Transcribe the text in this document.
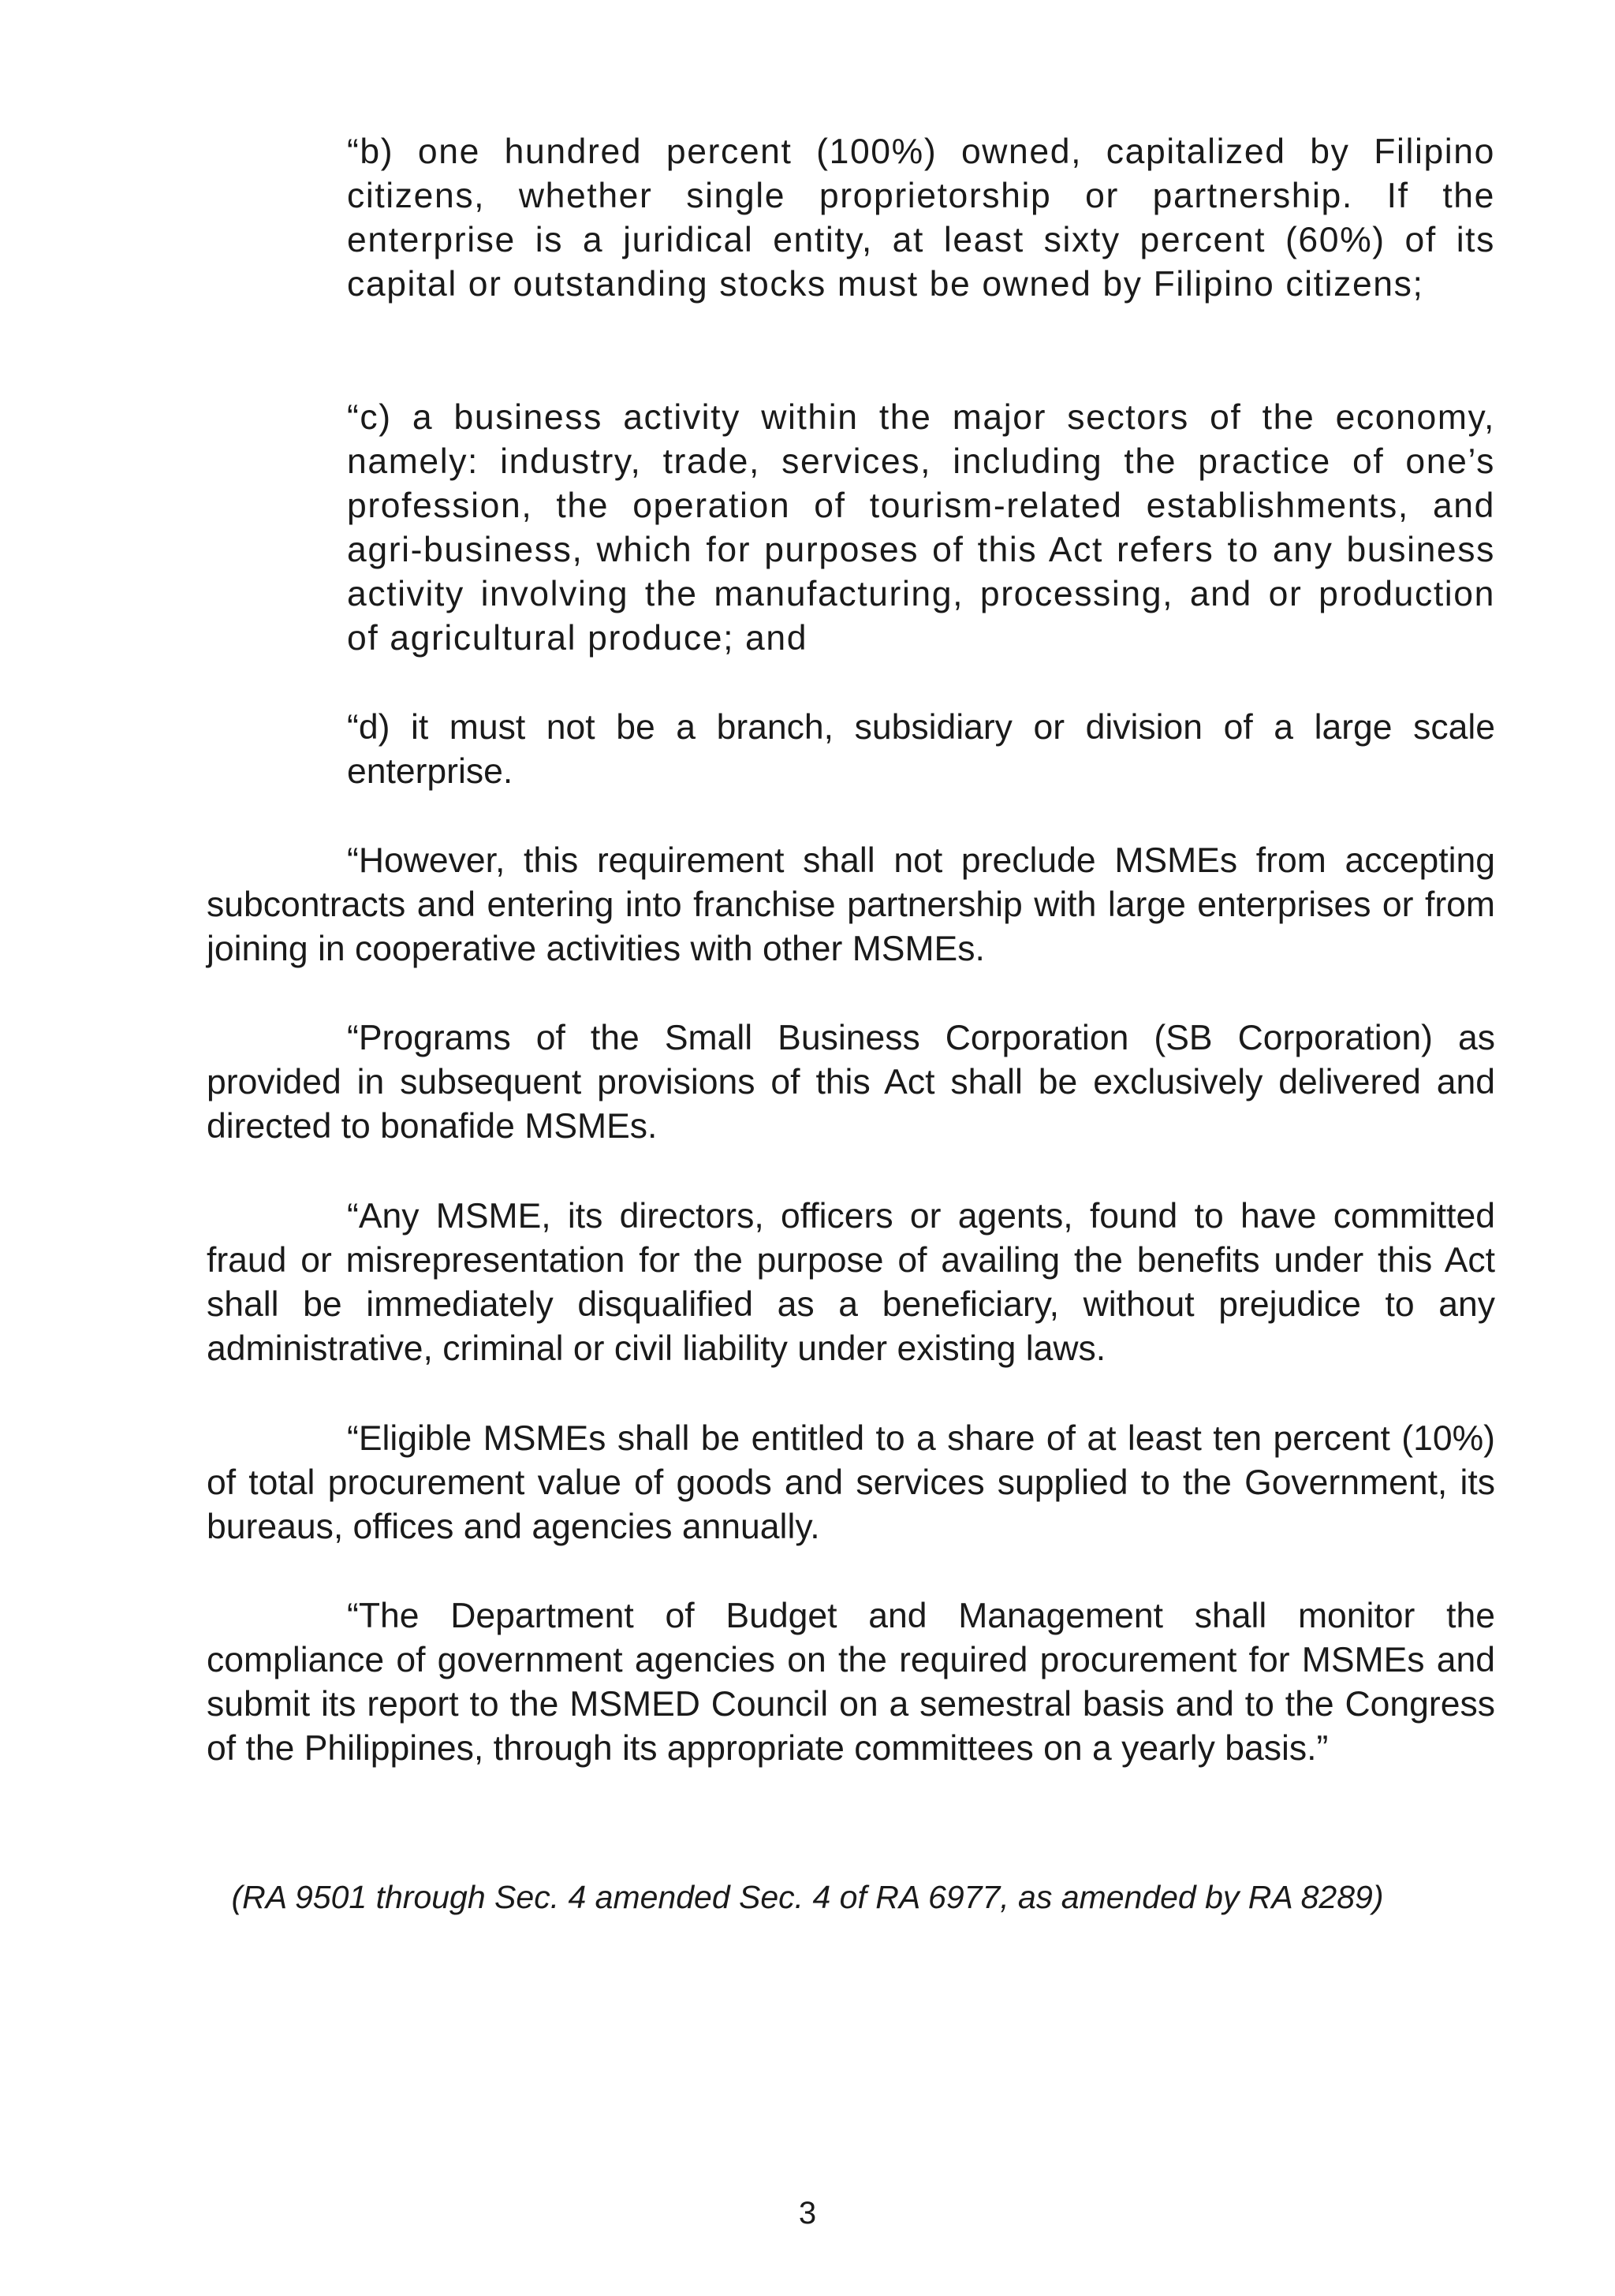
“b) one hundred percent (100%) owned, capitalized by Filipino citizens, whether single proprietorship or partnership. If the enterprise is a juridical entity, at least sixty percent (60%) of its capital or outstanding stocks must be owned by Filipino citizens;

“c) a business activity within the major sectors of the economy, namely: industry, trade, services, including the practice of one’s profession, the operation of tourism-related establishments, and agri-business, which for purposes of this Act refers to any business activity involving the manufacturing, processing, and or production of agricultural produce; and

“d) it must not be a branch, subsidiary or division of a large scale enterprise.

“However, this requirement shall not preclude MSMEs from accepting subcontracts and entering into franchise partnership with large enterprises or from joining in cooperative activities with other MSMEs.

“Programs of the Small Business Corporation (SB Corporation) as provided in subsequent provisions of this Act shall be exclusively delivered and directed to bonafide MSMEs.

“Any MSME, its directors, officers or agents, found to have committed fraud or misrepresentation for the purpose of availing the benefits under this Act shall be immediately disqualified as a beneficiary, without prejudice to any administrative, criminal or civil liability under existing laws.

“Eligible MSMEs shall be entitled to a share of at least ten percent (10%) of total procurement value of goods and services supplied to the Government, its bureaus, offices and agencies annually.

“The Department of Budget and Management shall monitor the compliance of government agencies on the required procurement for MSMEs and submit its report to the MSMED Council on a semestral basis and to the Congress of the Philippines, through its appropriate committees on a yearly basis.”

(RA 9501 through Sec. 4 amended Sec. 4 of RA 6977, as amended by RA 8289)

3
